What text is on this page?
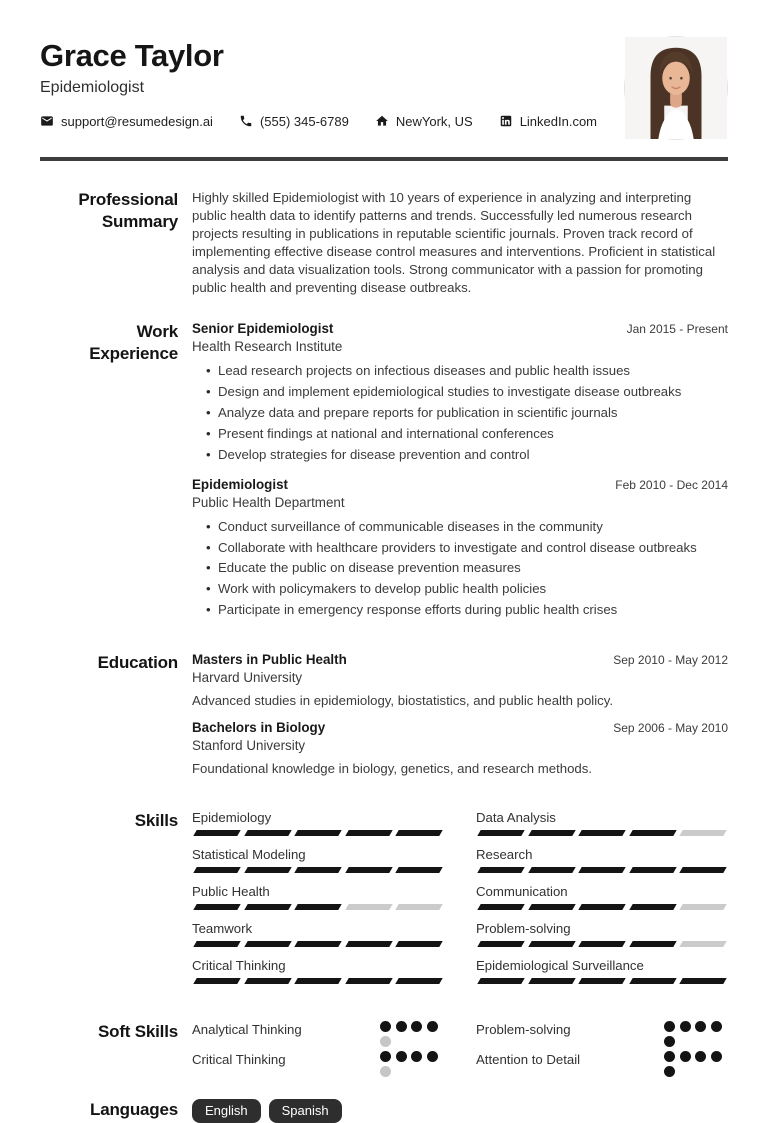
Grace Taylor
Epidemiologist
support@resumedesign.ai	(555) 345-6789	NewYork, US	LinkedIn.com
Professional Summary
Highly skilled Epidemiologist with 10 years of experience in analyzing and interpreting public health data to identify patterns and trends. Successfully led numerous research projects resulting in publications in reputable scientific journals. Proven track record of implementing effective disease control measures and interventions. Proficient in statistical analysis and data visualization tools. Strong communicator with a passion for promoting public health and preventing disease outbreaks.
Work Experience
Senior Epidemiologist	Jan 2015 - Present
Health Research Institute
• Lead research projects on infectious diseases and public health issues
• Design and implement epidemiological studies to investigate disease outbreaks
• Analyze data and prepare reports for publication in scientific journals
• Present findings at national and international conferences
• Develop strategies for disease prevention and control
Epidemiologist	Feb 2010 - Dec 2014
Public Health Department
• Conduct surveillance of communicable diseases in the community
• Collaborate with healthcare providers to investigate and control disease outbreaks
• Educate the public on disease prevention measures
• Work with policymakers to develop public health policies
• Participate in emergency response efforts during public health crises
Education Masters in Public Health	Sep 2010 - May 2012
Harvard University
Advanced studies in epidemiology, biostatistics, and public health policy.
Bachelors in Biology	Sep 2006 - May 2010
Stanford University
Foundational knowledge in biology, genetics, and research methods.
Skills Epidemiology
Statistical Modeling
Public Health
Teamwork
Critical Thinking
Data Analysis
Research
Communication
Problem-solving
Epidemiological Surveillance
Soft Skills Analytical Thinking
Critical Thinking
Problem-solving
Attention to Detail
Languages	English	Spanish
